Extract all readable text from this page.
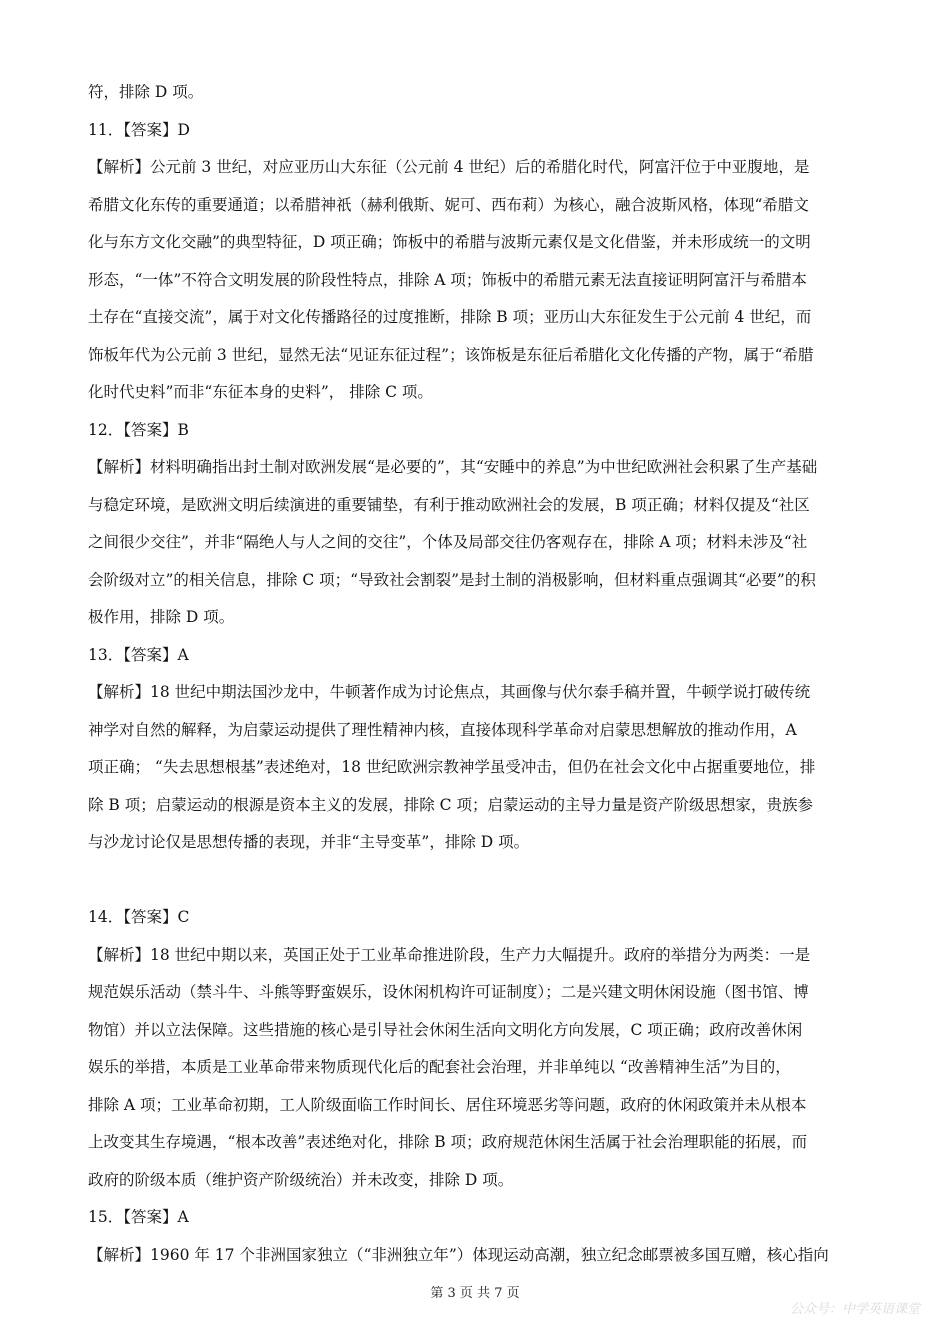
符，排除 D 项。
11．【答案】D
【解析】公元前 3 世纪，对应亚历山大东征（公元前 4 世纪）后的希腊化时代，阿富汗位于中亚腹地，是
希腊文化东传的重要通道；以希腊神祇（赫利俄斯、妮可、西布莉）为核心，融合波斯风格，体现“希腊文
化与东方文化交融”的典型特征，D 项正确；饰板中的希腊与波斯元素仅是文化借鉴，并未形成统一的文明
形态，“一体”不符合文明发展的阶段性特点，排除 A 项；饰板中的希腊元素无法直接证明阿富汗与希腊本
土存在“直接交流”，属于对文化传播路径的过度推断，排除 B 项；亚历山大东征发生于公元前 4 世纪，而
饰板年代为公元前 3 世纪，显然无法“见证东征过程”；该饰板是东征后希腊化文化传播的产物，属于“希腊
化时代史料”而非“东征本身的史料”， 排除 C 项。
12．【答案】B
【解析】材料明确指出封土制对欧洲发展“是必要的”，其“安睡中的养息”为中世纪欧洲社会积累了生产基础
与稳定环境，是欧洲文明后续演进的重要铺垫，有利于推动欧洲社会的发展，B 项正确；材料仅提及“社区
之间很少交往”，并非“隔绝人与人之间的交往”，个体及局部交往仍客观存在，排除 A 项；材料未涉及“社
会阶级对立”的相关信息，排除 C 项；“导致社会割裂”是封土制的消极影响，但材料重点强调其“必要”的积
极作用，排除 D 项。
13．【答案】A
【解析】18 世纪中期法国沙龙中，牛顿著作成为讨论焦点，其画像与伏尔泰手稿并置，牛顿学说打破传统
神学对自然的解释，为启蒙运动提供了理性精神内核，直接体现科学革命对启蒙思想解放的推动作用，A
项正确； “失去思想根基”表述绝对，18 世纪欧洲宗教神学虽受冲击，但仍在社会文化中占据重要地位，排
除 B 项；启蒙运动的根源是资本主义的发展，排除 C 项；启蒙运动的主导力量是资产阶级思想家，贵族参
与沙龙讨论仅是思想传播的表现，并非“主导变革”，排除 D 项。
14．【答案】C
【解析】18 世纪中期以来，英国正处于工业革命推进阶段，生产力大幅提升。政府的举措分为两类：一是
规范娱乐活动（禁斗牛、斗熊等野蛮娱乐，设休闲机构许可证制度）；二是兴建文明休闲设施（图书馆、博
物馆）并以立法保障。这些措施的核心是引导社会休闲生活向文明化方向发展，C 项正确；政府改善休闲
娱乐的举措，本质是工业革命带来物质现代化后的配套社会治理，并非单纯以 “改善精神生活”为目的，
排除 A 项；工业革命初期，工人阶级面临工作时间长、居住环境恶劣等问题，政府的休闲政策并未从根本
上改变其生存境遇，“根本改善”表述绝对化，排除 B 项；政府规范休闲生活属于社会治理职能的拓展，而
政府的阶级本质（维护资产阶级统治）并未改变，排除 D 项。
15．【答案】A
【解析】1960 年 17 个非洲国家独立（“非洲独立年”）体现运动高潮，独立纪念邮票被多国互赠，核心指向
第 3 页 共 7 页
公众号：中学英语课堂
